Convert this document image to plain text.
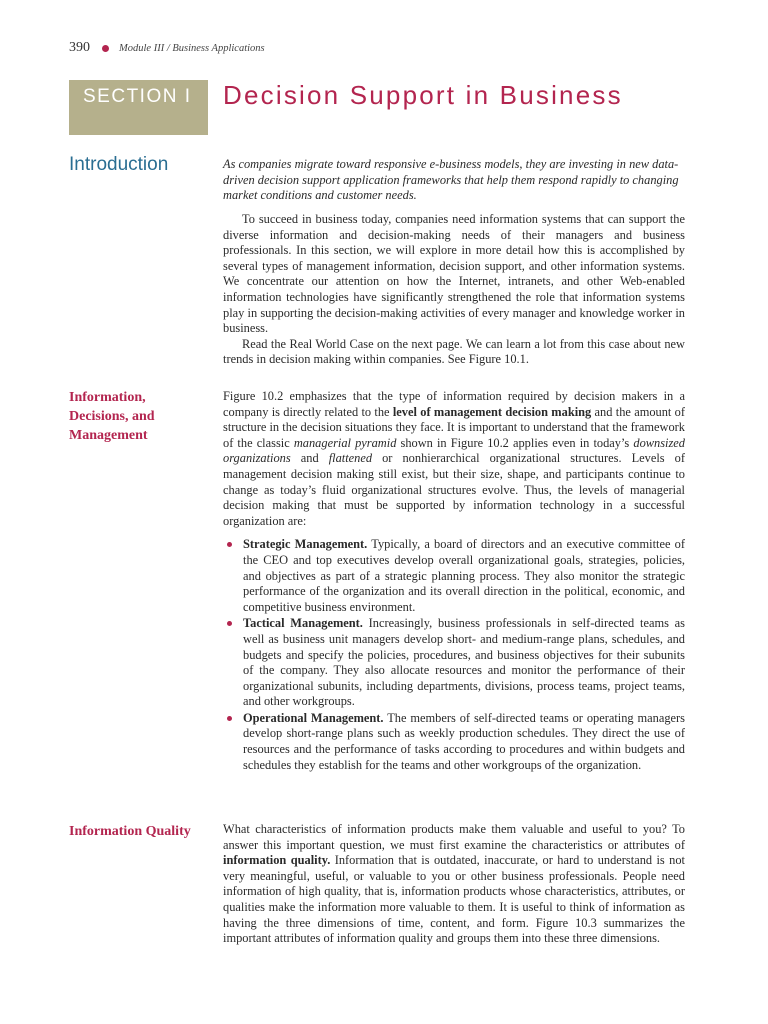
390	Module III / Business Applications
SECTION I Decision Support in Business
Introduction	As companies migrate toward responsive e-business models, they are investing in new data-driven decision support application frameworks that help them respond rapidly to changing market conditions and customer needs.

To succeed in business today, companies need information systems that can support the diverse information and decision-making needs of their managers and business professionals. In this section, we will explore in more detail how this is accomplished by several types of management information, decision support, and other information systems. We concentrate our attention on how the Internet, intranets, and other Web-enabled information technologies have significantly strengthened the role that information systems play in supporting the decision-making activities of every manager and knowledge worker in business.

Read the Real World Case on the next page. We can learn a lot from this case about new trends in decision making within companies. See Figure 10.1.

Information,
Decisions, and
Management

Figure 10.2 emphasizes that the type of information required by decision makers in a company is directly related to the level of management decision making and the amount of structure in the decision situations they face. It is important to understand that the framework of the classic managerial pyramid shown in Figure 10.2 applies even in today’s downsized organizations and flattened or nonhierarchical organizational structures. Levels of management decision making still exist, but their size, shape, and participants continue to change as today’s fluid organizational structures evolve. Thus, the levels of managerial decision making that must be supported by information technology in a successful organization are:

Strategic Management. Typically, a board of directors and an executive committee of the CEO and top executives develop overall organizational goals, strategies, policies, and objectives as part of a strategic planning process. They also monitor the strategic performance of the organization and its overall direction in the political, economic, and competitive business environment.
Tactical Management. Increasingly, business professionals in self-directed teams as well as business unit managers develop short- and medium-range plans, schedules, and budgets and specify the policies, procedures, and business objectives for their subunits of the company. They also allocate resources and monitor the performance of their organizational subunits, including departments, divisions, process teams, project teams, and other workgroups.
Operational Management. The members of self-directed teams or operating managers develop short-range plans such as weekly production schedules. They direct the use of resources and the performance of tasks according to procedures and within budgets and schedules they establish for the teams and other workgroups of the organization.
Information Quality	What characteristics of information products make them valuable and useful to you? To answer this important question, we must first examine the characteristics or attributes of information quality. Information that is outdated, inaccurate, or hard to understand is not very meaningful, useful, or valuable to you or other business professionals. People need information of high quality, that is, information products whose characteristics, attributes, or qualities make the information more valuable to them. It is useful to think of information as having the three dimensions of time, content, and form. Figure 10.3 summarizes the important attributes of information quality and groups them into these three dimensions.
